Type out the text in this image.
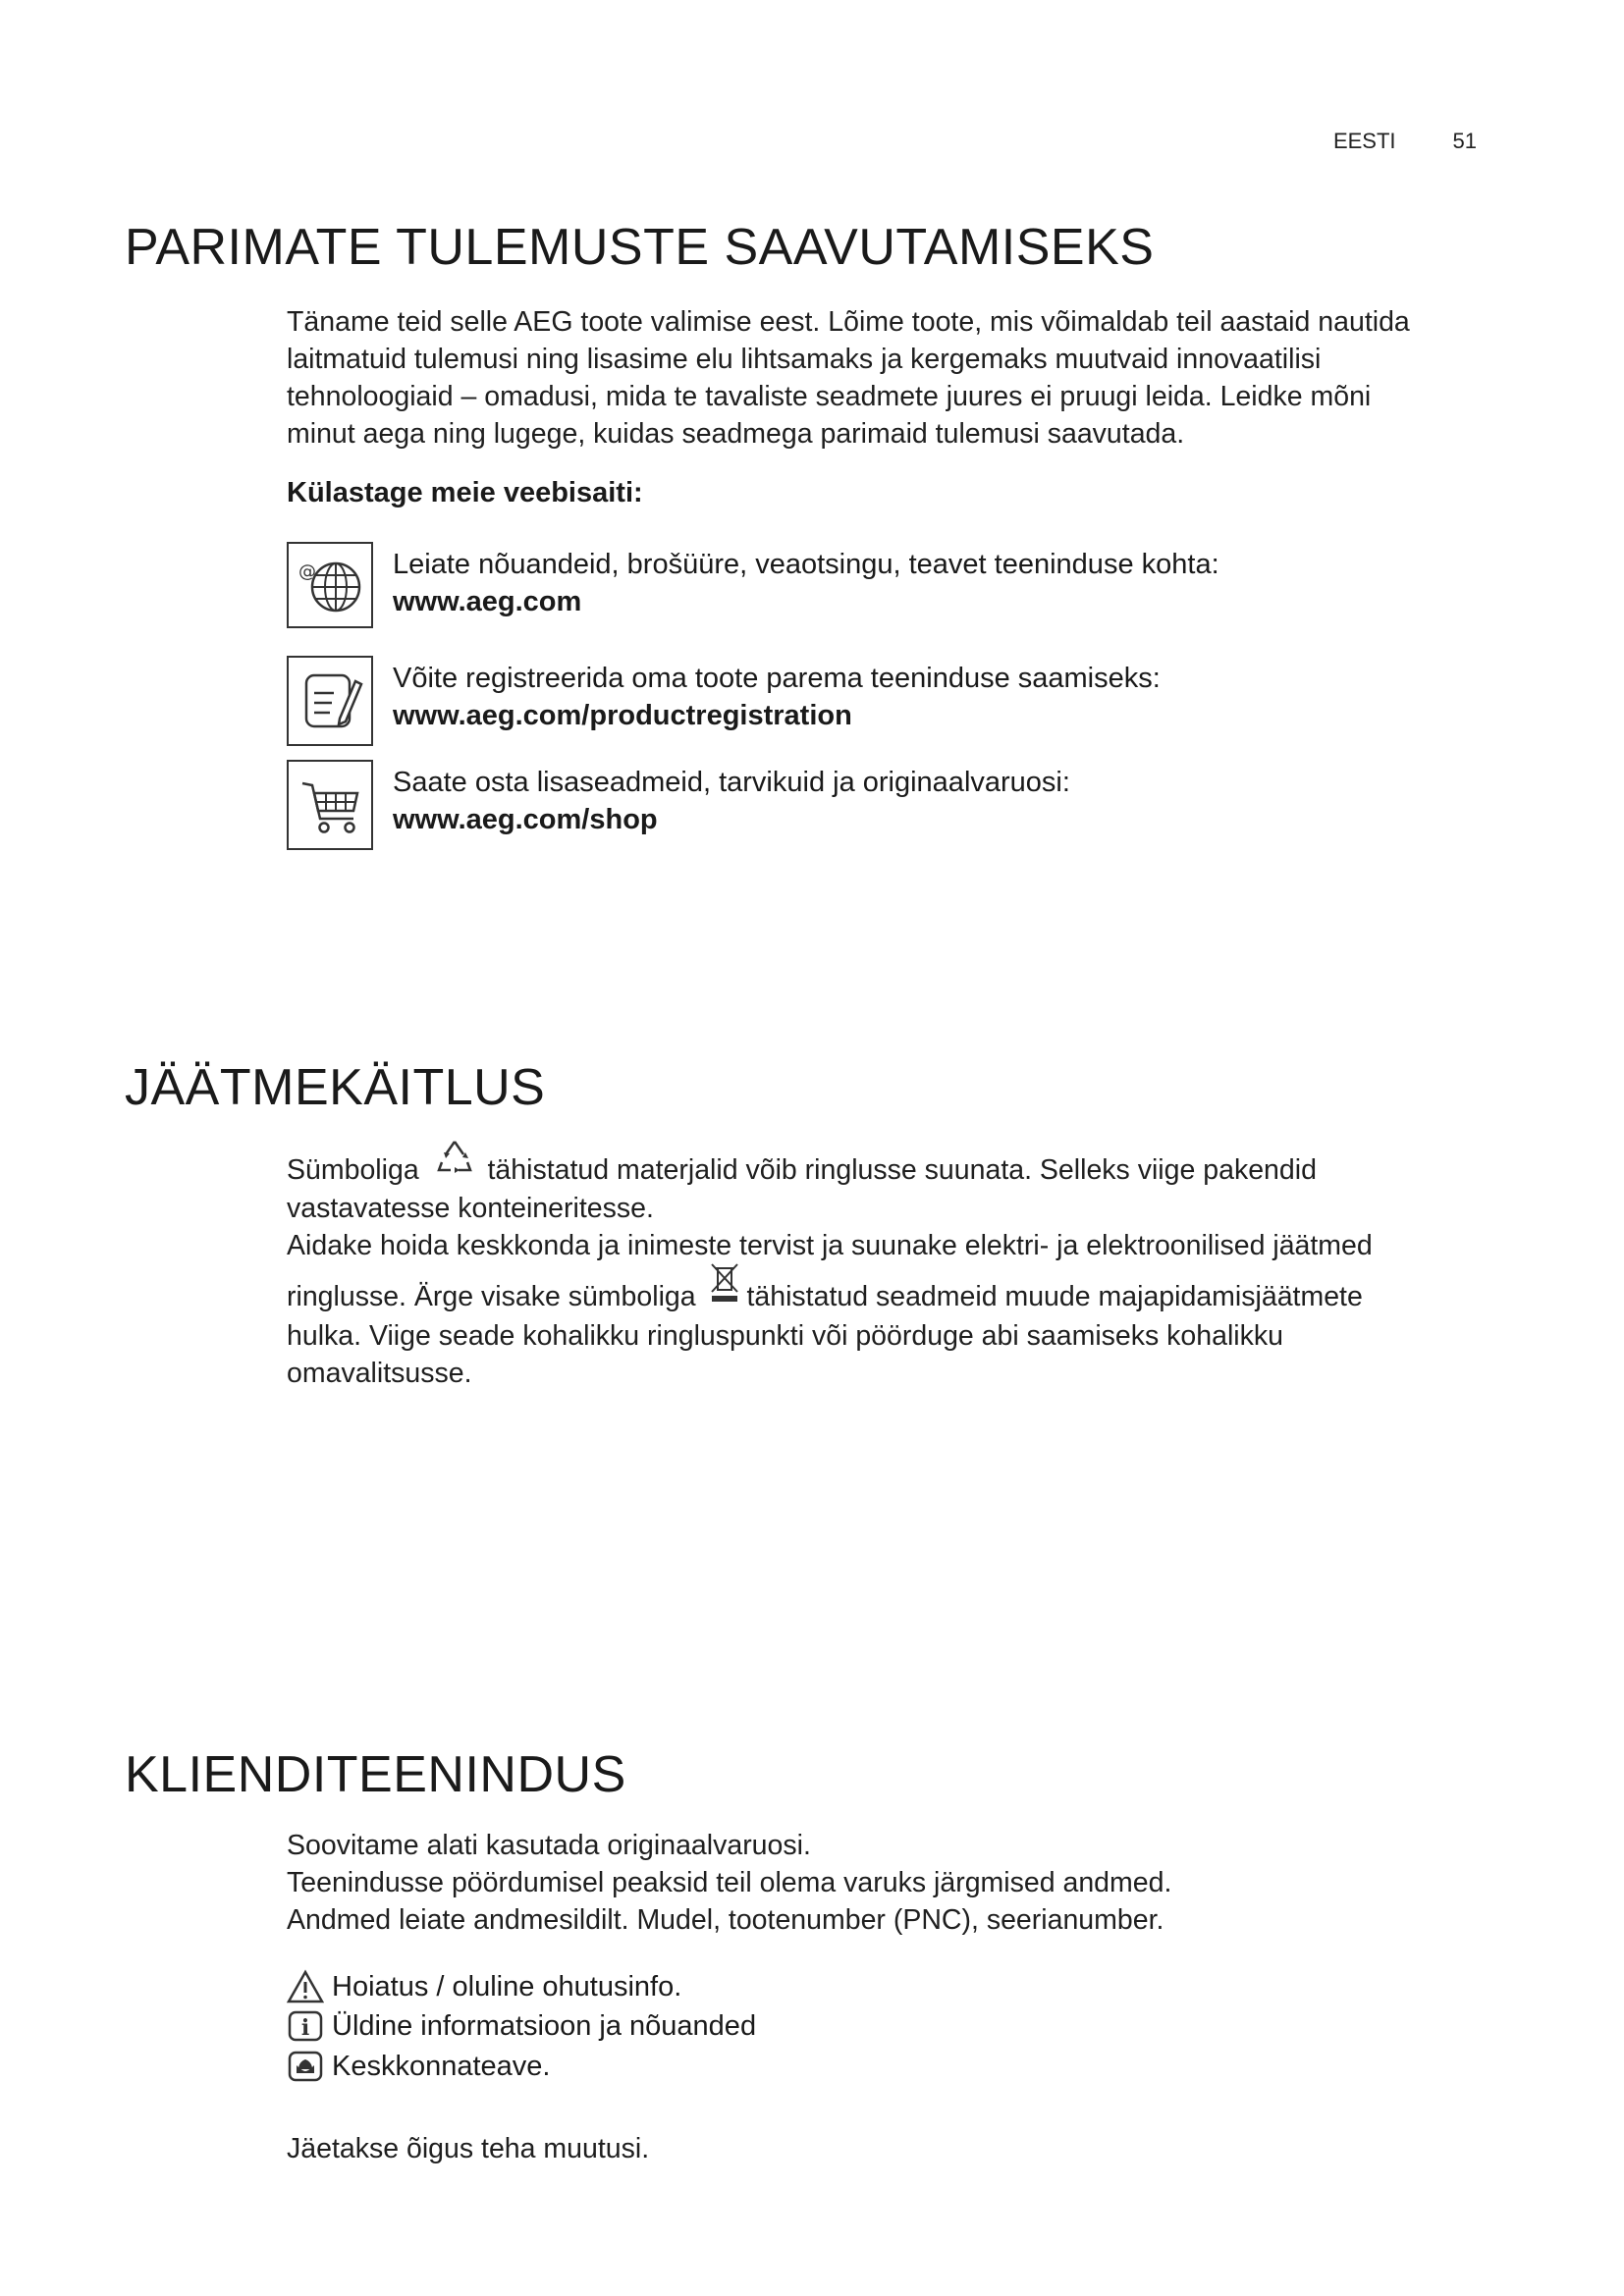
EESTI	51
PARIMATE TULEMUSTE SAAVUTAMISEKS

Täname teid selle AEG toote valimise eest. Lõime toote, mis võimaldab teil aastaid nautida

laitmatuid tulemusi ning lisasime elu lihtsamaks ja kergemaks muutvaid innovaatilisi

tehnoloogiaid – omadusi, mida te tavaliste seadmete juures ei pruugi leida. Leidke mõni

minut aega ning lugege, kuidas seadmega parimaid tulemusi saavutada.

Külastage meie veebisaiti:
@	Leiate nõuandeid, brošüüre, veaotsingu, teavet teeninduse kohta:
www.aeg.com
Võite registreerida oma toote parema teeninduse saamiseks:
www.aeg.com/productregistration
Saate osta lisaseadmeid, tarvikuid ja originaalvaruosi:
www.aeg.com/shop
JÄÄTMEKÄITLUS

Sümboliga tähistatud materjalid võib ringlusse suunata. Selleks viige pakendid

vastavatesse konteineritesse.

Aidake hoida keskkonda ja inimeste tervist ja suunake elektri- ja elektroonilised jäätmed

ringlusse. Ärge visake sümboliga tähistatud seadmeid muude majapidamisjäätmete

hulka. Viige seade kohalikku ringluspunkti või pöörduge abi saamiseks kohalikku

omavalitsusse.

KLIENDITEENINDUS

Soovitame alati kasutada originaalvaruosi.

Teenindusse pöördumisel peaksid teil olema varuks järgmised andmed.

Andmed leiate andmesildilt. Mudel, tootenumber (PNC), seerianumber.

Hoiatus / oluline ohutusinfo.
i Üldine informatsioon ja nõuanded
Keskkonnateave.
Jäetakse õigus teha muutusi.
